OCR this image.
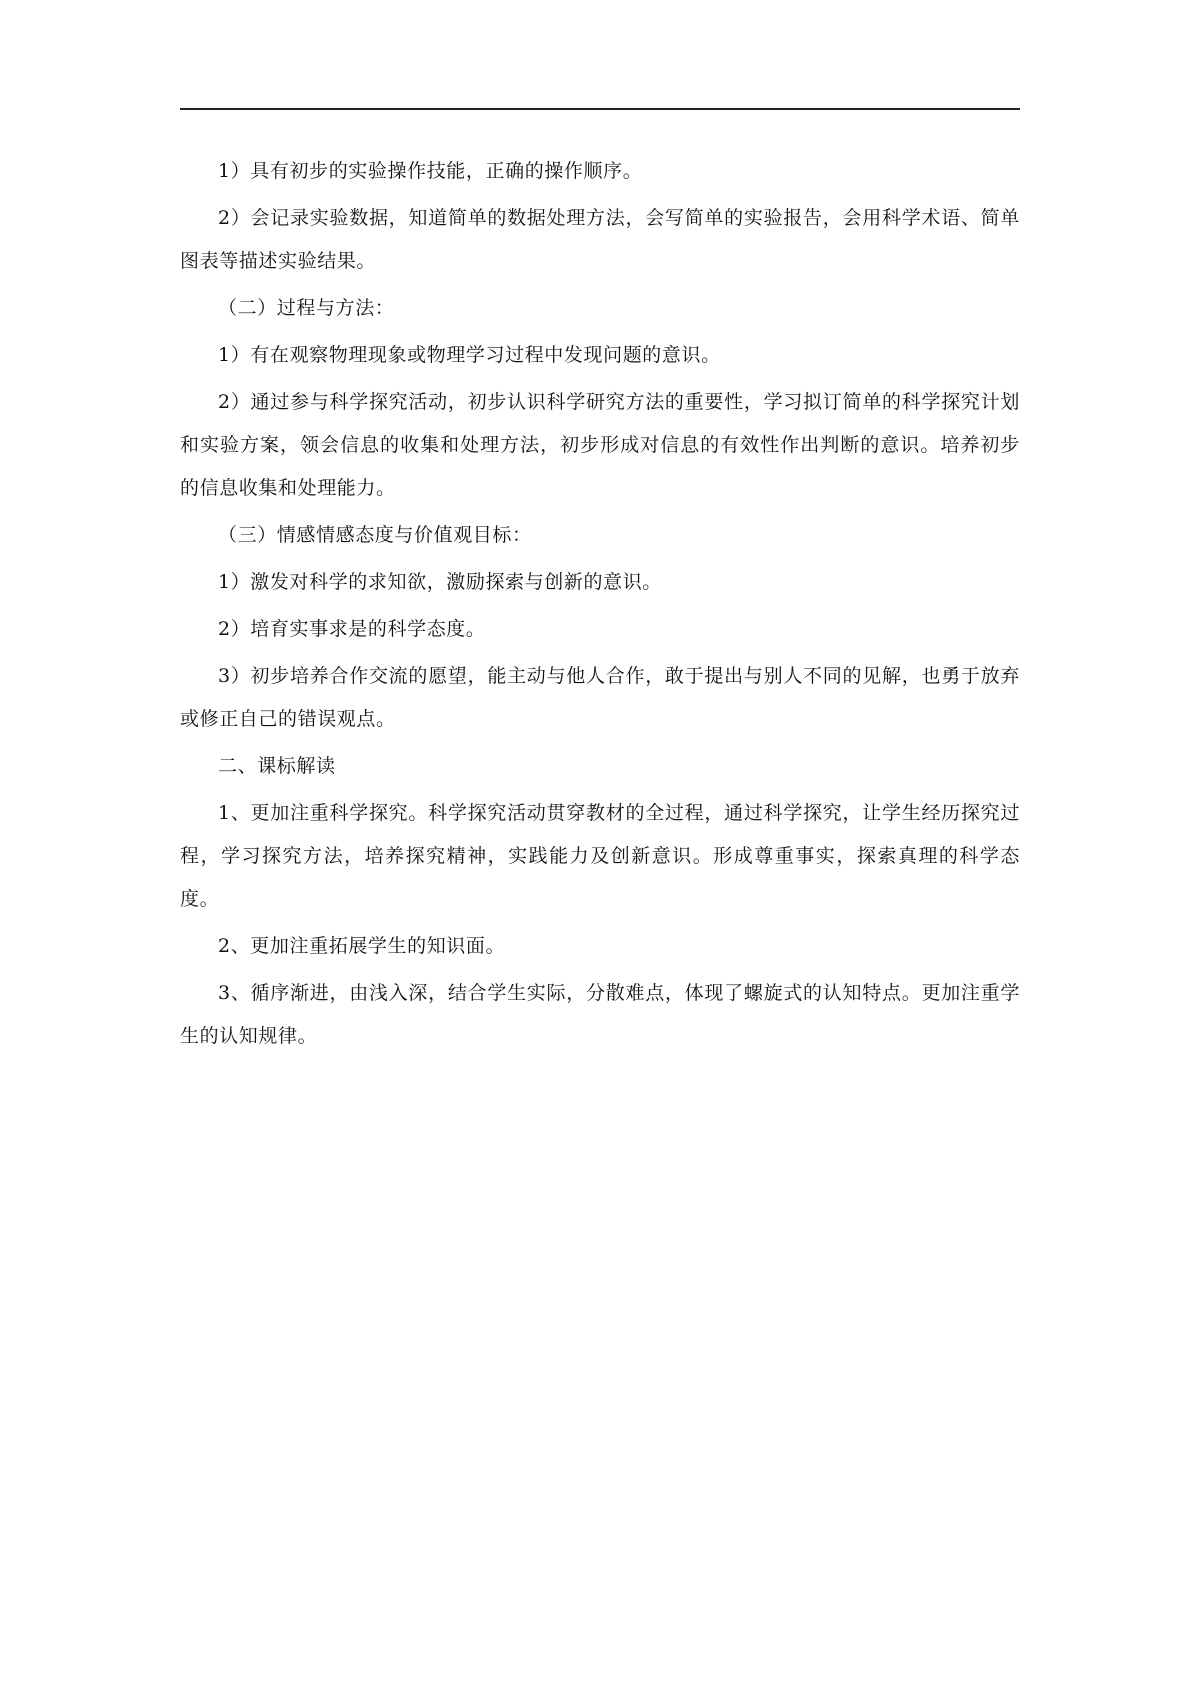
1）具有初步的实验操作技能，正确的操作顺序。

2）会记录实验数据，知道简单的数据处理方法，会写简单的实验报告，会用科学术语、简单图表等描述实验结果。

（二）过程与方法：

1）有在观察物理现象或物理学习过程中发现问题的意识。

2）通过参与科学探究活动，初步认识科学研究方法的重要性，学习拟订简单的科学探究计划和实验方案，领会信息的收集和处理方法，初步形成对信息的有效性作出判断的意识。培养初步的信息收集和处理能力。

（三）情感情感态度与价值观目标：

1）激发对科学的求知欲，激励探索与创新的意识。

2）培育实事求是的科学态度。

3）初步培养合作交流的愿望，能主动与他人合作，敢于提出与别人不同的见解，也勇于放弃或修正自己的错误观点。

二、课标解读

1、更加注重科学探究。科学探究活动贯穿教材的全过程，通过科学探究，让学生经历探究过程，学习探究方法，培养探究精神，实践能力及创新意识。形成尊重事实，探索真理的科学态度。

2、更加注重拓展学生的知识面。

3、循序渐进，由浅入深，结合学生实际，分散难点，体现了螺旋式的认知特点。更加注重学生的认知规律。
